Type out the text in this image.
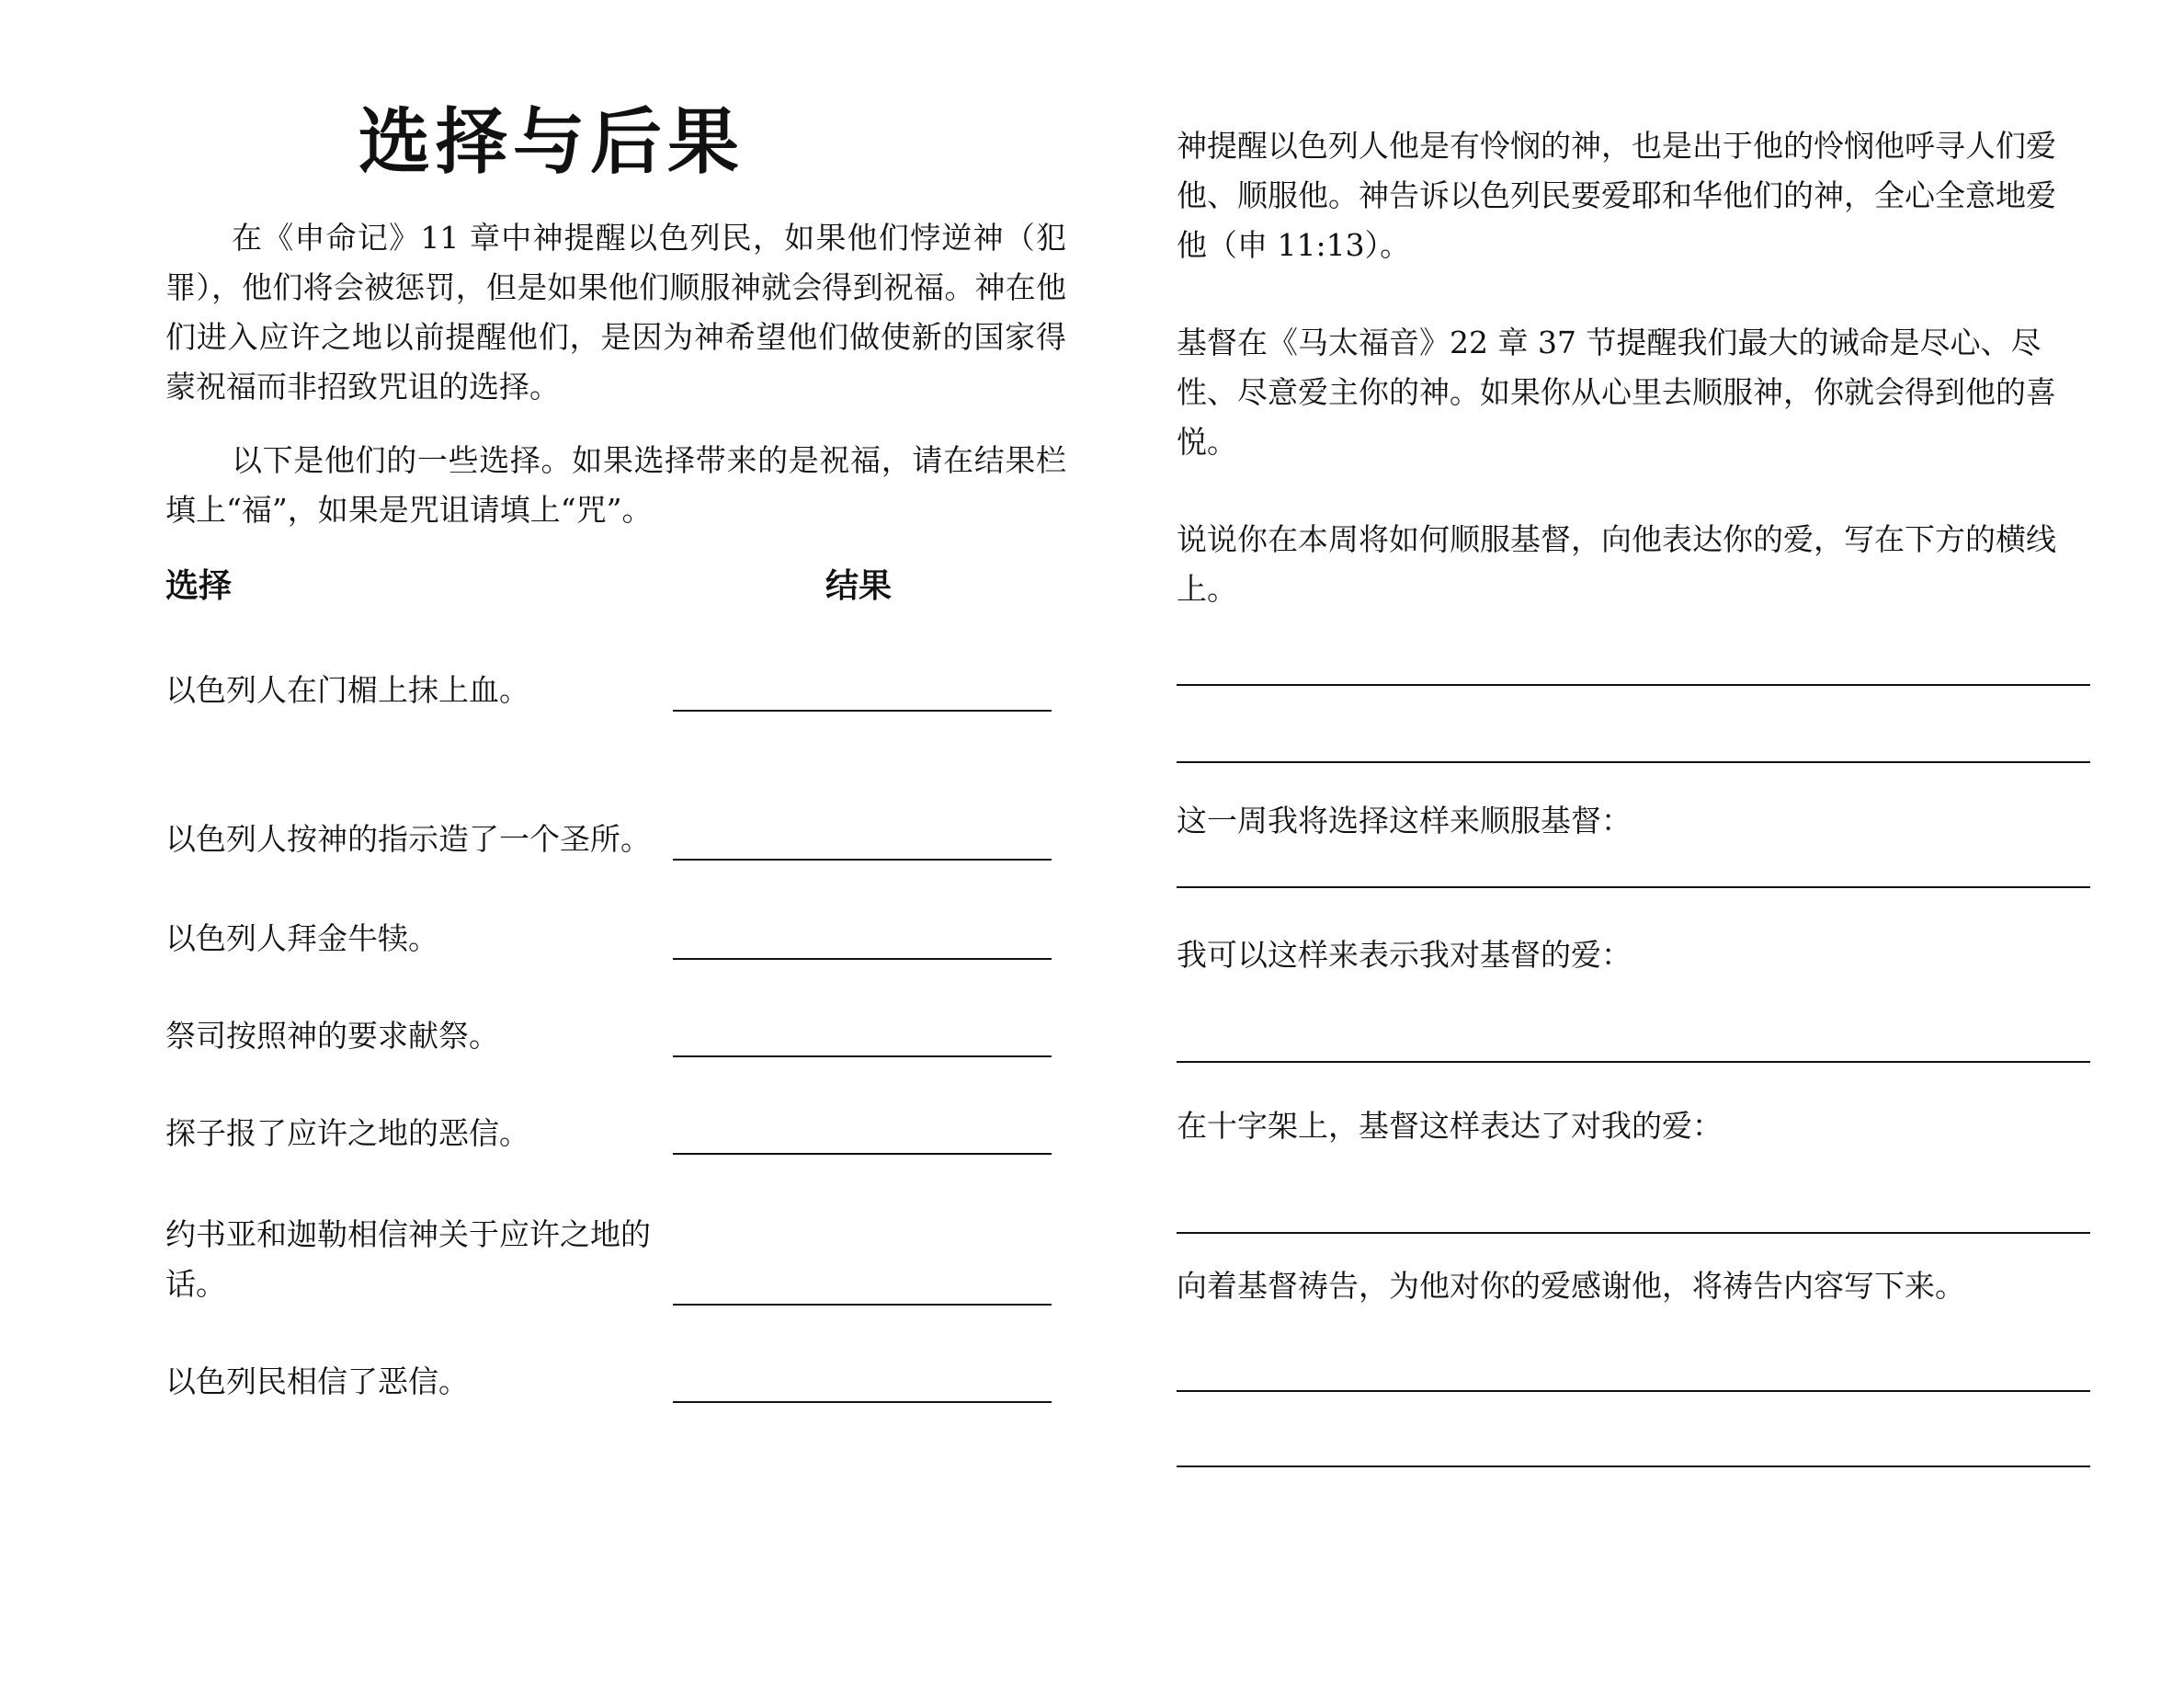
选择与后果

在《申命记》11 章中神提醒以色列民，如果他们悖逆神（犯罪），他们将会被惩罚，但是如果他们顺服神就会得到祝福。神在他们进入应许之地以前提醒他们，是因为神希望他们做使新的国家得蒙祝福而非招致咒诅的选择。

以下是他们的一些选择。如果选择带来的是祝福，请在结果栏填上“福”，如果是咒诅请填上“咒”。

选择	结果
以色列人在门楣上抹上血。
以色列人按神的指示造了一个圣所。
以色列人拜金牛犊。
祭司按照神的要求献祭。
探子报了应许之地的恶信。
约书亚和迦勒相信神关于应许之地的话。
以色列民相信了恶信。

神提醒以色列人他是有怜悯的神，也是出于他的怜悯他呼寻人们爱他、顺服他。神告诉以色列民要爱耶和华他们的神，全心全意地爱他（申 11:13）。

基督在《马太福音》22 章 37 节提醒我们最大的诫命是尽心、尽性、尽意爱主你的神。如果你从心里去顺服神，你就会得到他的喜悦。

说说你在本周将如何顺服基督，向他表达你的爱，写在下方的横线上。

这一周我将选择这样来顺服基督：

我可以这样来表示我对基督的爱：

在十字架上，基督这样表达了对我的爱：

向着基督祷告，为他对你的爱感谢他，将祷告内容写下来。
